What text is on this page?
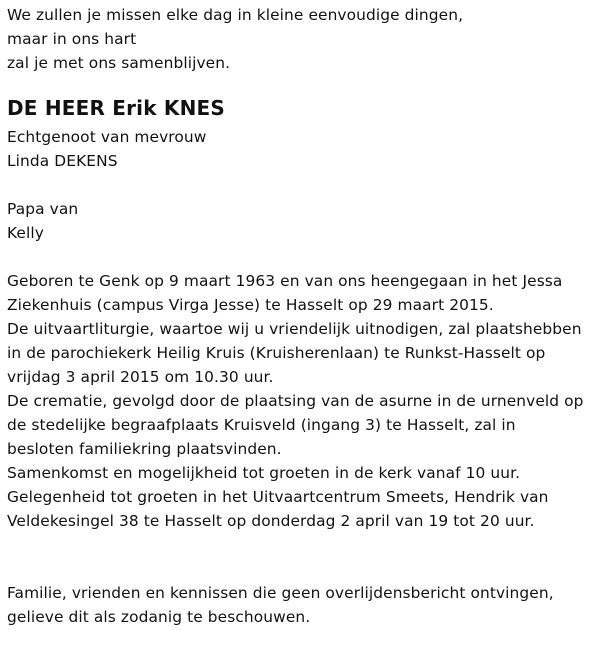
We zullen je missen elke dag in kleine eenvoudige dingen,
maar in ons hart
zal je met ons samenblijven.
DE HEER Erik KNES
Echtgenoot van mevrouw
Linda DEKENS
Papa van
Kelly
Geboren te Genk op 9 maart 1963 en van ons heengegaan in het Jessa
Ziekenhuis (campus Virga Jesse) te Hasselt op 29 maart 2015.
De uitvaartliturgie, waartoe wij u vriendelijk uitnodigen, zal plaatshebben
in de parochiekerk Heilig Kruis (Kruisherenlaan) te Runkst-Hasselt op
vrijdag 3 april 2015 om 10.30 uur.
De crematie, gevolgd door de plaatsing van de asurne in de urnenveld op
de stedelijke begraafplaats Kruisveld (ingang 3) te Hasselt, zal in
besloten familiekring plaatsvinden.
Samenkomst en mogelijkheid tot groeten in de kerk vanaf 10 uur.
Gelegenheid tot groeten in het Uitvaartcentrum Smeets, Hendrik van
Veldekesingel 38 te Hasselt op donderdag 2 april van 19 tot 20 uur.
Familie, vrienden en kennissen die geen overlijdensbericht ontvingen,
gelieve dit als zodanig te beschouwen.
